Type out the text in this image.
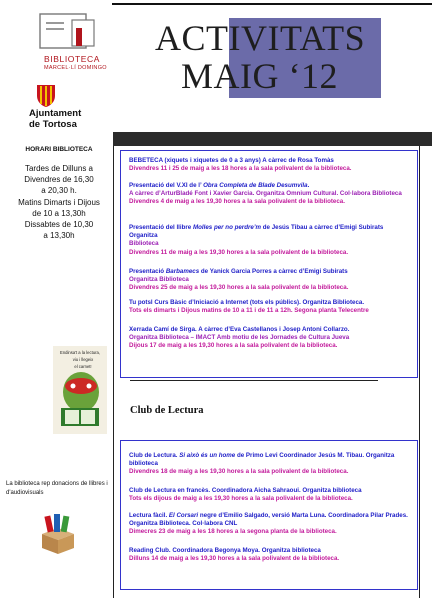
BIBLIOTECA
MARCEL·LÍ DOMINGO
Ajuntament
de Tortosa
HORARI BIBLIOTECA
Tardes de Dilluns a
Divendres de 16,30
a 20,30 h.
Matins Dimarts i Dijous
de 10 a 13,30h
Dissabtes de 10,30
a 13,30h
Endinsa't a la lectura,
viu i llegeix
el carnet!
La biblioteca rep donacions de llibres i d'audiovisuals
ACTIVITATS
MAIG ‘12
BEBETECA (xiquets i xiquetes de 0 a 3 anys) A càrrec de Rosa Tomàs
Divendres 11 i 25 de maig a les 18 hores a la sala polivalent de la biblioteca.
Presentació del V.XI de l’ Obra Completa de Blade Desumvila.
A càrrec d’ArturBladé Font i Xavier Garcia. Organitza Omnium Cultural. Col·labora Biblioteca
Divendres 4 de maig a les 19,30 hores a la sala polivalent de la biblioteca.
Presentació del llibre Molles per no perdre’m de Jesús Tibau a càrrec d’Emigi Subirats Organitza
Biblioteca
Divendres 11 de maig a les 19,30 hores a la sala polivalent de la biblioteca.
Presentació Barbamecs de Yanick Garcia Porres a càrrec d’Emigi Subirats
Organitza Biblioteca
Divendres 25 de maig a les 19,30 hores a la sala polivalent de la biblioteca.
Tu potsl Curs Bàsic d’Iniciació a Internet (tots els públics). Organitza Biblioteca.
Tots els dimarts i Dijous matins de 10 a 11 i de 11 a 12h. Segona planta Telecentre
Xerrada Camí de Sirga. A càrrec d’Eva Castellanos i Josep Antoni Collarzo.
Organitza Biblioteca – IMACT Amb motiu de les Jornades de Cultura Jueva
Dijous 17 de maig a les 19,30 hores a la sala polivalent de la biblioteca.
Club de Lectura
Club de Lectura. Si això és un home de Primo Levi Coordinador Jesús M. Tibau. Organitza biblioteca
Divendres 18 de maig a les 19,30 hores a la sala polivalent de la biblioteca.
Club de Lectura en francès. Coordinadora Aicha Sahraoui. Organitza biblioteca
Tots els dijous de maig a les 19,30 hores a la sala polivalent de la biblioteca.
Lectura fàcil. El Corsari negre d’Emilio Salgado, versió Marta Luna. Coordinadora Pilar Prades. Organitza Biblioteca. Col·labora CNL
Dimecres 23 de maig a les 18 hores a la segona planta de la biblioteca.
Reading Club. Coordinadora Begonya Moya. Organitza biblioteca
Dilluns 14 de maig a les 19,30 hores a la sala polivalent de la biblioteca.
